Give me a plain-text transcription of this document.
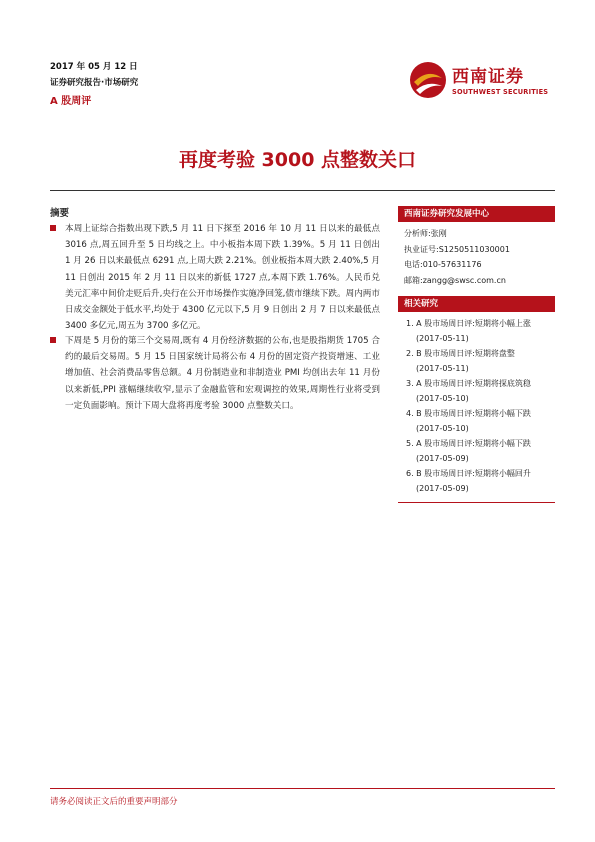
2017 年 05 月 12 日
证券研究报告·市场研究
A 股周评
西南证券
SOUTHWEST SECURITIES
再度考验 3000 点整数关口
摘要
本周上证综合指数出现下跌,5 月 11 日下探至 2016 年 10 月 11 日以来的最低点 3016 点,周五回升至 5 日均线之上。中小板指本周下跌 1.39%。5 月 11 日创出 1 月 26 日以来最低点 6291 点,上周大跌 2.21%。创业板指本周大跌 2.40%,5 月 11 日创出 2015 年 2 月 11 日以来的新低 1727 点,本周下跌 1.76%。人民币兑美元汇率中间价走贬后升,央行在公开市场操作实施净回笼,债市继续下跌。周内两市日成交金额处于低水平,均处于 4300 亿元以下,5 月 9 日创出 2 月 7 日以来最低点 3400 多亿元,周五为 3700 多亿元。
下周是 5 月份的第三个交易周,既有 4 月份经济数据的公布,也是股指期货 1705 合约的最后交易周。5 月 15 日国家统计局将公布 4 月份的固定资产投资增速、工业增加值、社会消费品零售总额。4 月份制造业和非制造业 PMI 均创出去年 11 月份以来新低,PPI 涨幅继续收窄,显示了金融监管和宏观调控的效果,周期性行业将受到一定负面影响。预计下周大盘将再度考验 3000 点整数关口。
西南证券研究发展中心
分析师:张刚
执业证号:S1250511030001
电话:010-57631176
邮箱:zangg@swsc.com.cn
相关研究
1. A 股市场周日评:短期将小幅上涨
(2017-05-11)
2. B 股市场周日评:短期将盘整
(2017-05-11)
3. A 股市场周日评:短期将探底筑稳
(2017-05-10)
4. B 股市场周日评:短期将小幅下跌
(2017-05-10)
5. A 股市场周日评:短期将小幅下跌
(2017-05-09)
6. B 股市场周日评:短期将小幅回升
(2017-05-09)
请务必阅读正文后的重要声明部分
